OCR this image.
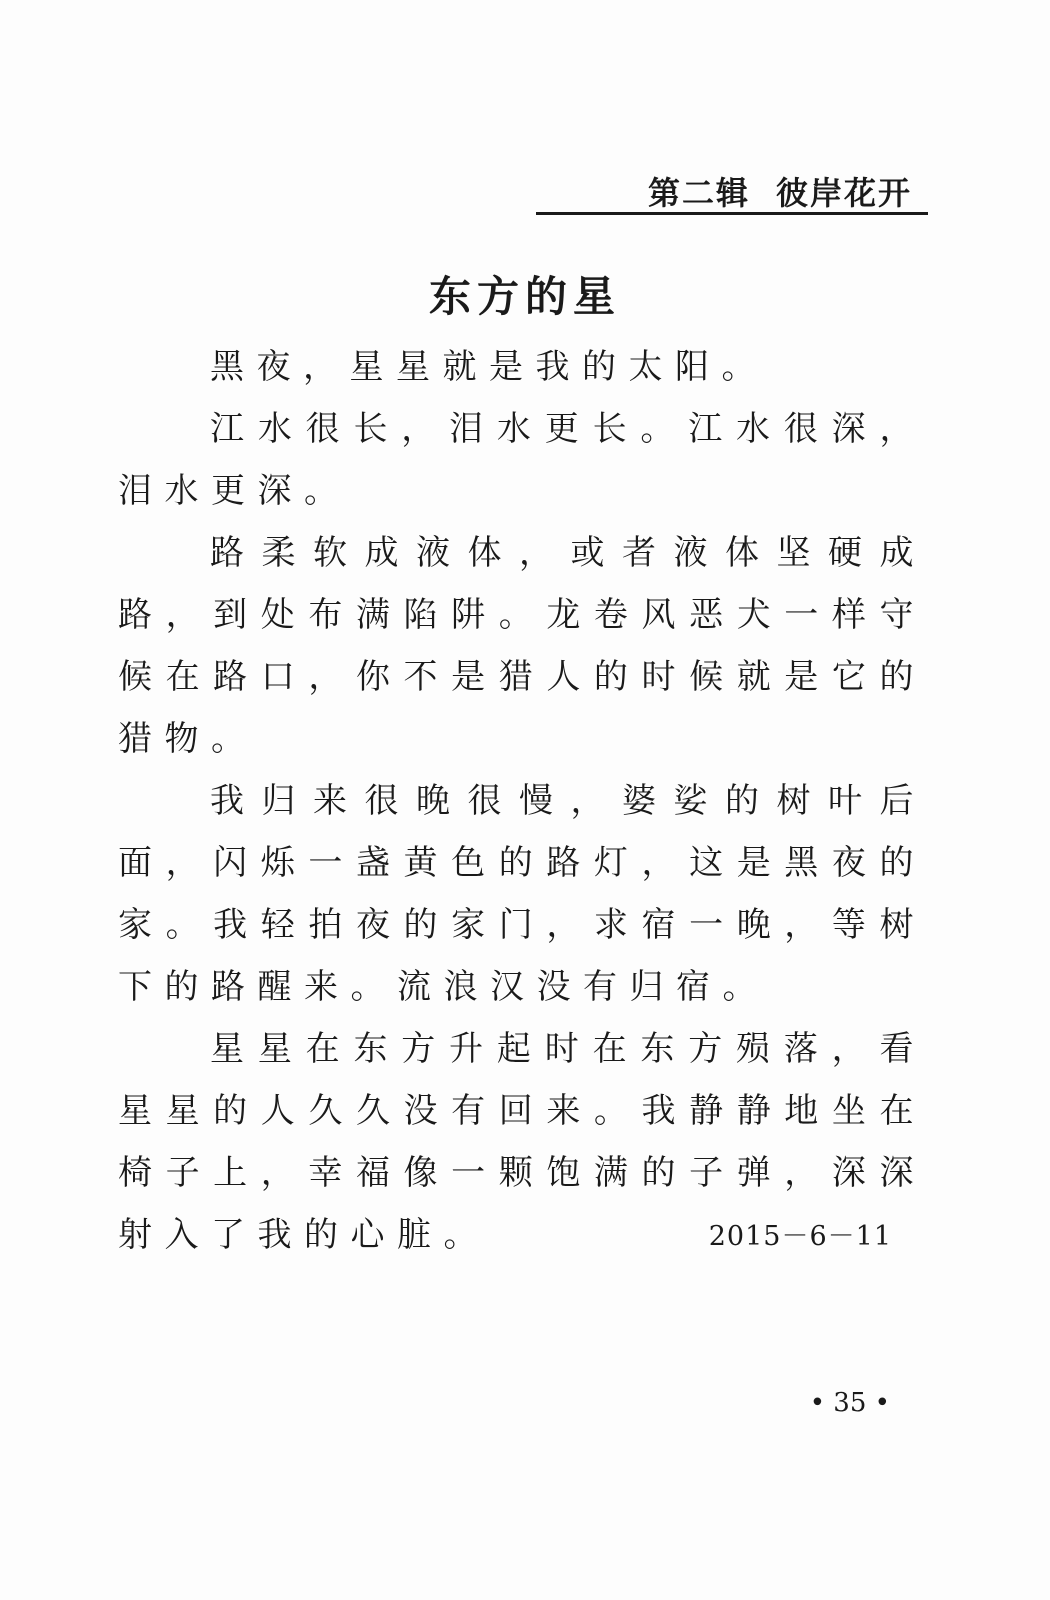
第二辑 彼岸花开
东方的星

黑夜，星星就是我的太阳。

江水很长，泪水更长。江水很深，泪水更深。

路柔软成液体，或者液体坚硬成路，到处布满陷阱。龙卷风恶犬一样守候在路口，你不是猎人的时候就是它的猎物。

我归来很晚很慢，婆娑的树叶后面，闪烁一盏黄色的路灯，这是黑夜的家。我轻拍夜的家门，求宿一晚，等树下的路醒来。流浪汉没有归宿。

星星在东方升起时在东方殒落，看星星的人久久没有回来。我静静地坐在椅子上，幸福像一颗饱满的子弹，深深射入了我的心脏。	2015－6－11
• 35 •
